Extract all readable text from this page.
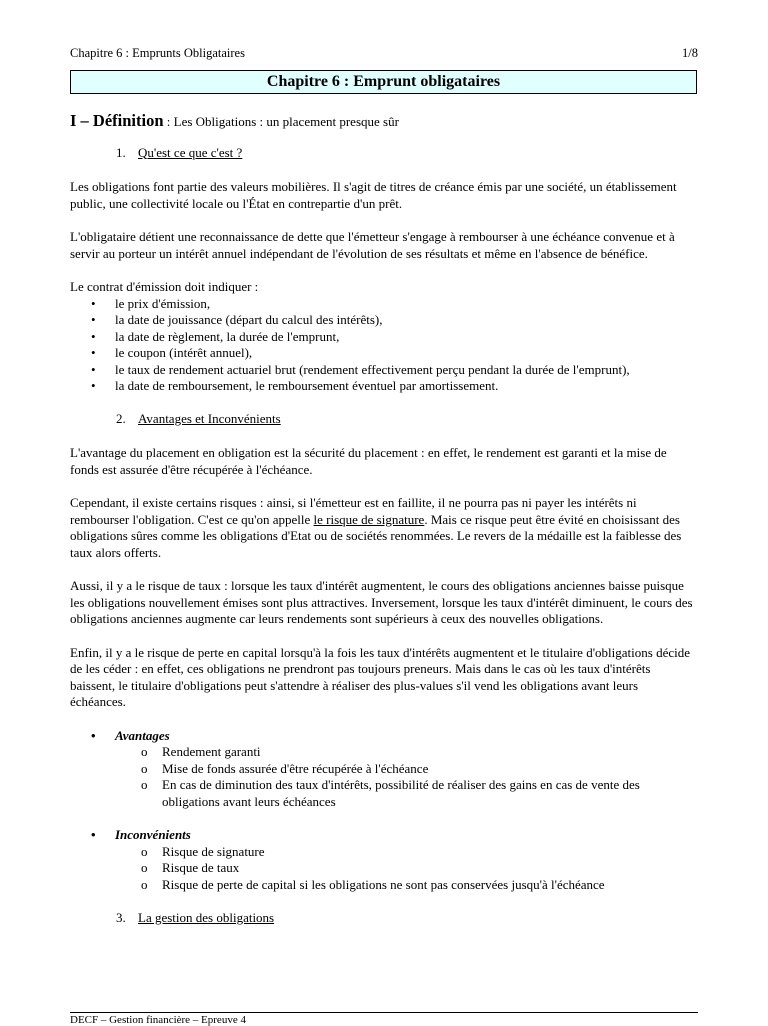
Chapitre 6 : Emprunts Obligataires	1/8
Chapitre 6 : Emprunt obligataires
I – Définition : Les Obligations : un placement presque sûr
1. Qu'est ce que c'est ?

Les obligations font partie des valeurs mobilières. Il s'agit de titres de créance émis par une société, un établissement public, une collectivité locale ou l'État en contrepartie d'un prêt.

L'obligataire détient une reconnaissance de dette que l'émetteur s'engage à rembourser à une échéance convenue et à servir au porteur un intérêt annuel indépendant de l'évolution de ses résultats et même en l'absence de bénéfice.

Le contrat d'émission doit indiquer :

• le prix d'émission,
• la date de jouissance (départ du calcul des intérêts),
• la date de règlement, la durée de l'emprunt,
• le coupon (intérêt annuel),
• le taux de rendement actuariel brut (rendement effectivement perçu pendant la durée de l'emprunt),
• la date de remboursement, le remboursement éventuel par amortissement.
2. Avantages et Inconvénients

L'avantage du placement en obligation est la sécurité du placement : en effet, le rendement est garanti et la mise de fonds est assurée d'être récupérée à l'échéance.

Cependant, il existe certains risques : ainsi, si l'émetteur est en faillite, il ne pourra pas ni payer les intérêts ni rembourser l'obligation. C'est ce qu'on appelle le risque de signature. Mais ce risque peut être évité en choisissant des obligations sûres comme les obligations d'Etat ou de sociétés renommées. Le revers de la médaille est la faiblesse des taux alors offerts.

Aussi, il y a le risque de taux : lorsque les taux d'intérêt augmentent, le cours des obligations anciennes baisse puisque les obligations nouvellement émises sont plus attractives. Inversement, lorsque les taux d'intérêt diminuent, le cours des obligations anciennes augmente car leurs rendements sont supérieurs à ceux des nouvelles obligations.

Enfin, il y a le risque de perte en capital lorsqu'à la fois les taux d'intérêts augmentent et le titulaire d'obligations décide de les céder : en effet, ces obligations ne prendront pas toujours preneurs. Mais dans le cas où les taux d'intérêts baissent, le titulaire d'obligations peut s'attendre à réaliser des plus-values s'il vend les obligations avant leurs échéances.

• Avantages
o Rendement garanti
o Mise de fonds assurée d'être récupérée à l'échéance
o En cas de diminution des taux d'intérêts, possibilité de réaliser des gains en cas de vente des obligations avant leurs échéances
• Inconvénients
o Risque de signature
o Risque de taux
o Risque de perte de capital si les obligations ne sont pas conservées jusqu'à l'échéance
3. La gestion des obligations
DECF – Gestion financière – Epreuve 4
